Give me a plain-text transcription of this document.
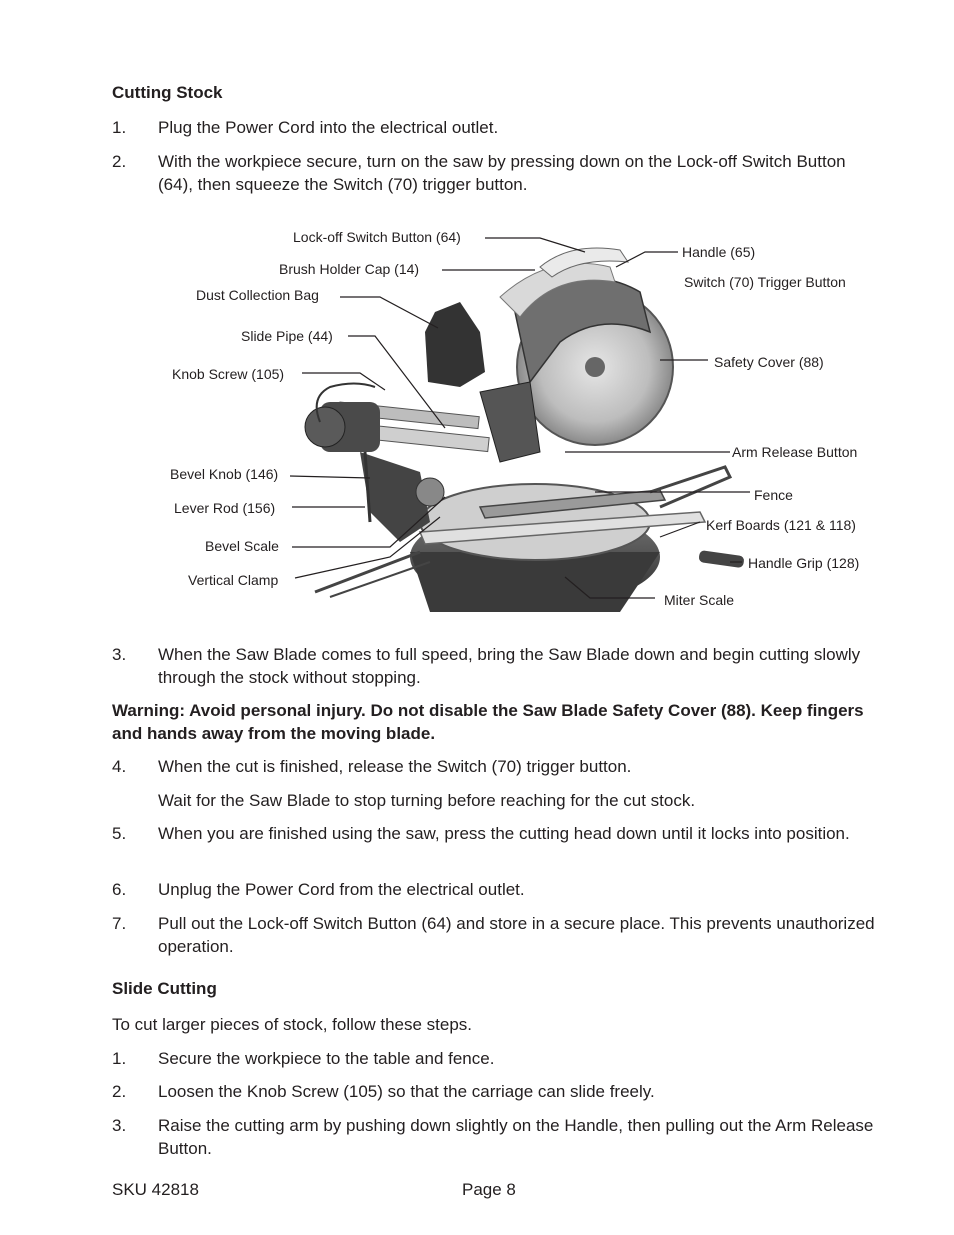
Cutting Stock
1. Plug the Power Cord into the electrical outlet.
2. With the workpiece secure, turn on the saw by pressing down on the Lock-off Switch Button (64), then squeeze the Switch (70) trigger button.
Lock-off Switch Button (64)
Brush Holder Cap (14)
Dust Collection Bag
Slide Pipe (44)
Knob Screw (105)
Bevel Knob (146)
Lever Rod (156)
Bevel Scale
Vertical Clamp
Handle (65)
Switch (70) Trigger Button
Safety Cover (88)
Arm Release Button
Fence
Kerf Boards (121 & 118)
Handle Grip (128)
Miter Scale
3. When the Saw Blade comes to full speed, bring the Saw Blade down and begin cutting slowly through the stock without stopping.
Warning: Avoid personal injury. Do not disable the Saw Blade Safety Cover (88). Keep fingers and hands away from the moving blade.
4. When the cut is finished, release the Switch (70) trigger button.
Wait for the Saw Blade to stop turning before reaching for the cut stock.
5. When you are finished using the saw, press the cutting head down until it locks into position.
6. Unplug the Power Cord from the electrical outlet.
7. Pull out the Lock-off Switch Button (64) and store in a secure place. This prevents unauthorized operation.
Slide Cutting
To cut larger pieces of stock, follow these steps.
1. Secure the workpiece to the table and fence.
2. Loosen the Knob Screw (105) so that the carriage can slide freely.
3. Raise the cutting arm by pushing down slightly on the Handle, then pulling out the Arm Release Button.
SKU 42818	Page 8
